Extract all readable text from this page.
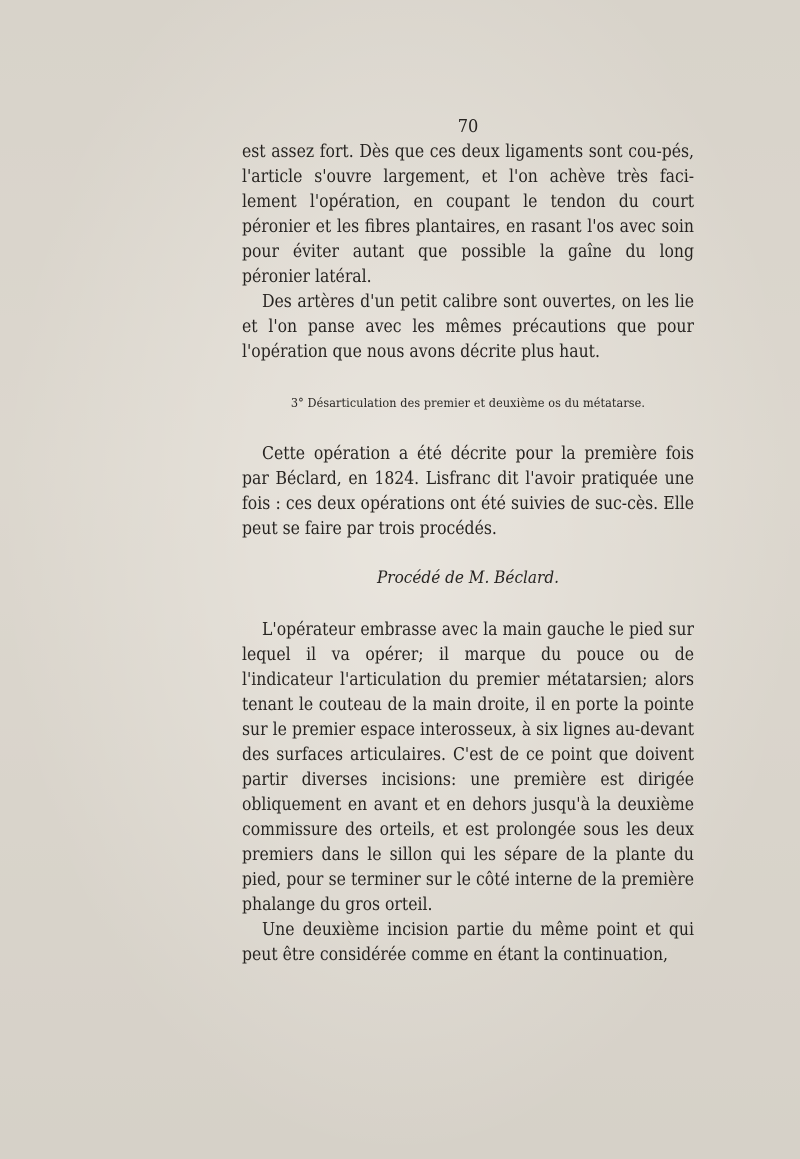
70

est assez fort. Dès que ces deux ligaments sont cou-pés, l'article s'ouvre largement, et l'on achève très faci-lement l'opération, en coupant le tendon du court péronier et les fibres plantaires, en rasant l'os avec soin pour éviter autant que possible la gaîne du long péronier latéral.

Des artères d'un petit calibre sont ouvertes, on les lie et l'on panse avec les mêmes précautions que pour l'opération que nous avons décrite plus haut.

3° Désarticulation des premier et deuxième os du métatarse.

Cette opération a été décrite pour la première fois par Béclard, en 1824. Lisfranc dit l'avoir pratiquée une fois : ces deux opérations ont été suivies de suc-cès. Elle peut se faire par trois procédés.

Procédé de M. Béclard.

L'opérateur embrasse avec la main gauche le pied sur lequel il va opérer; il marque du pouce ou de l'indicateur l'articulation du premier métatarsien; alors tenant le couteau de la main droite, il en porte la pointe sur le premier espace interosseux, à six lignes au-devant des surfaces articulaires. C'est de ce point que doivent partir diverses incisions: une première est dirigée obliquement en avant et en dehors jusqu'à la deuxième commissure des orteils, et est prolongée sous les deux premiers dans le sillon qui les sépare de la plante du pied, pour se terminer sur le côté interne de la première phalange du gros orteil.

Une deuxième incision partie du même point et qui peut être considérée comme en étant la continuation,
